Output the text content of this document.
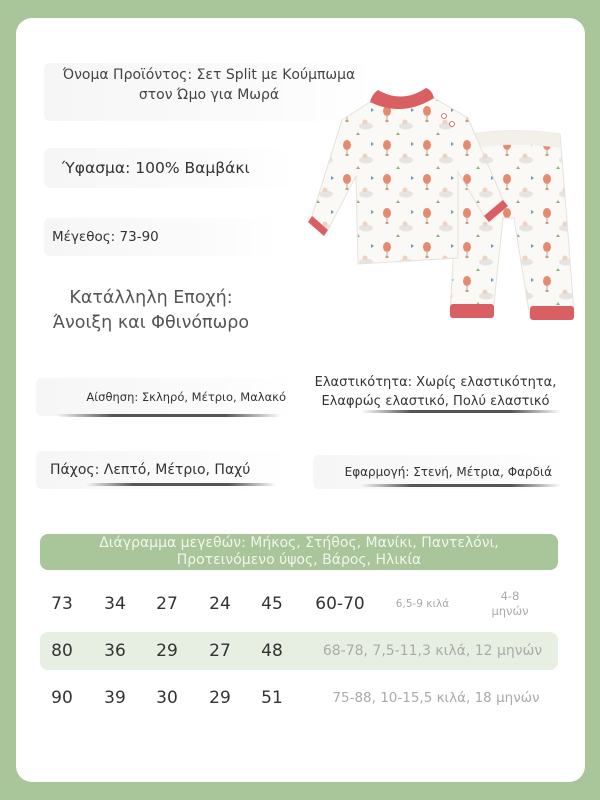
Όνομα Προϊόντος: Σετ Split με Κούμπωμα στον Ώμο για Μωρά
Ύφασμα: 100% Βαμβάκι
Μέγεθος: 73-90
Κατάλληλη Εποχή:
Άνοιξη και Φθινόπωρο
Αίσθηση: Σκληρό, Μέτριο, Μαλακό
Ελαστικότητα: Χωρίς ελαστικότητα,
Ελαφρώς ελαστικό, Πολύ ελαστικό
Πάχος: Λεπτό, Μέτριο, Παχύ	Εφαρμογή: Στενή, Μέτρια, Φαρδιά
Διάγραμμα μεγεθών: Μήκος, Στήθος, Μανίκι, Παντελόνι,
Προτεινόμενο ύψος, Βάρος, Ηλικία
73	34	27	24	45	60-70	6,5-9 κιλά
4-8
μηνών
80	36	29	27	48	68-78, 7,5-11,3 κιλά, 12 μηνών
90	39	30	29	51	75-88, 10-15,5 κιλά, 18 μηνών
